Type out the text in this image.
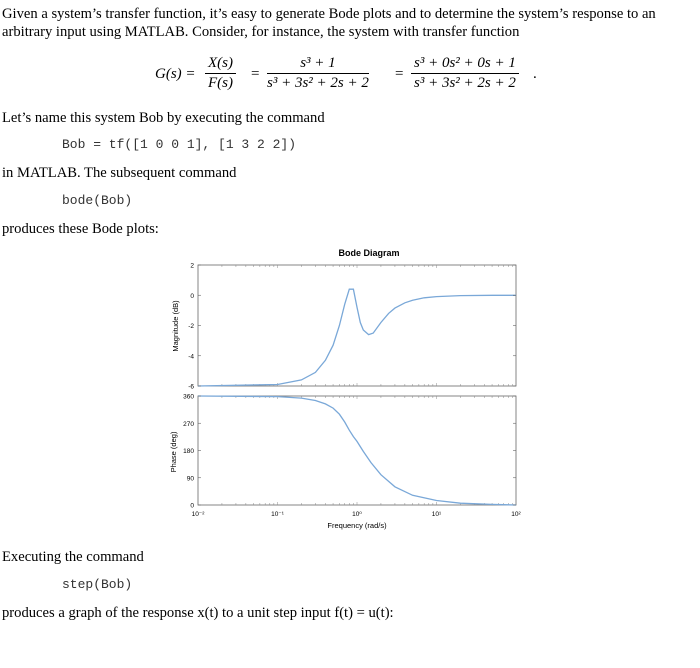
Given a system’s transfer function, it’s easy to generate Bode plots and to determine the system’s response to an
arbitrary input using MATLAB. Consider, for instance, the system with transfer function
$G(s) = \frac{X(s)}{F(s)} = \frac{\text{s³ + 1}}{\text{s³ + 3s² + 2s + 2}} = \frac{\text{s³ + 0s² + 0s + 1}}{\text{s³ + 3s² + 2s + 2}}$ .
Let’s name this system Bob by executing the command
Bob = tf([1 0 0 1], [1 3 2 2])
in MATLAB. The subsequent command
bode(Bob)
produces these Bode plots:
Bode Diagram
2
0
-2
-4
-6
Magnitude (dB)
360
270
180
90
0
Phase (deg)
10⁻²	10⁻¹	10⁰	10¹	10²
Frequency (rad/s)
Executing the command
step(Bob)
produces a graph of the response x(t) to a unit step input f(t) = u(t):
